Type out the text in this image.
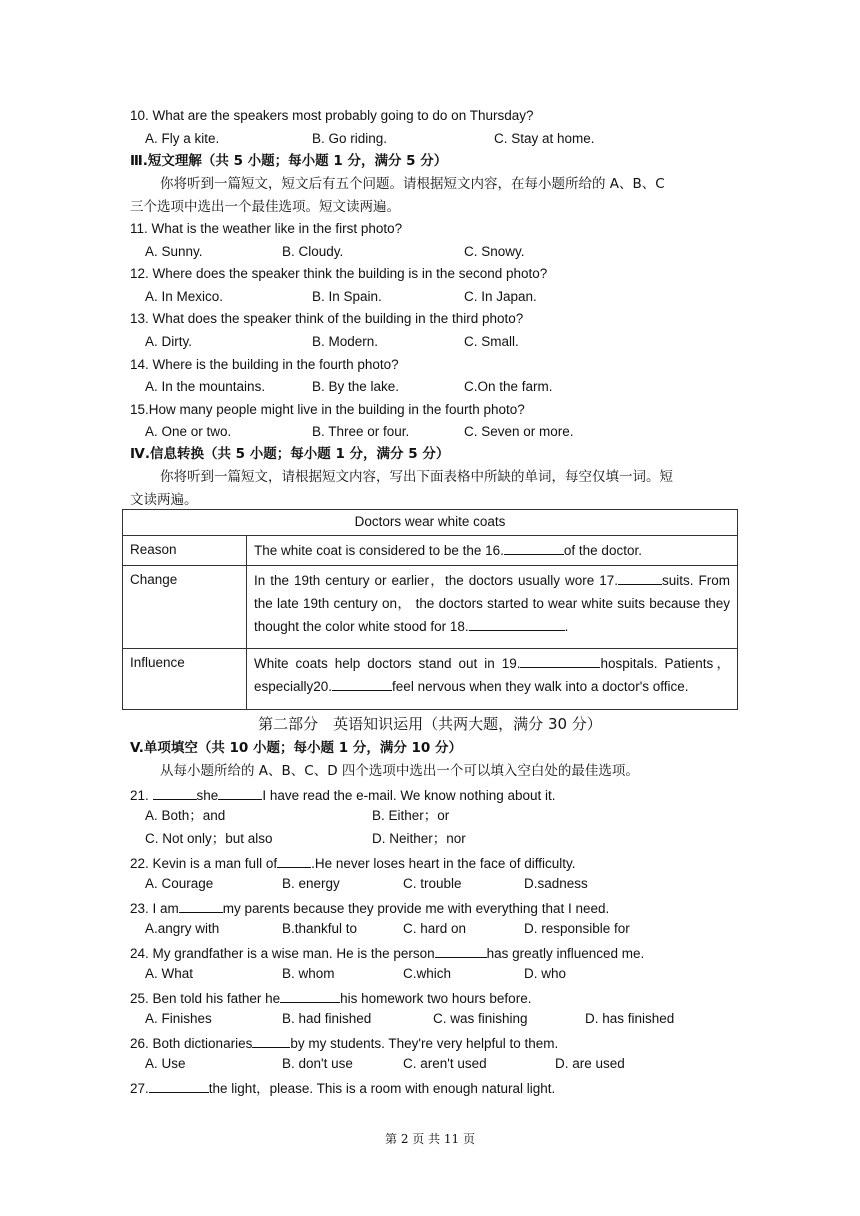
10. What are the speakers most probably going to do on Thursday?
A. Fly a kite.	B. Go riding.	C. Stay at home.
Ⅲ.短文理解（共 5 小题；每小题 1 分，满分 5 分）
你将听到一篇短文，短文后有五个问题。请根据短文内容，在每小题所给的 A、B、C
三个选项中选出一个最佳选项。短文读两遍。
11. What is the weather like in the first photo?
A. Sunny.	B. Cloudy.	C. Snowy.
12. Where does the speaker think the building is in the second photo?
A. In Mexico.	B. In Spain.	C. In Japan.
13. What does the speaker think of the building in the third photo?
A. Dirty.	B. Modern.	C. Small.
14. Where is the building in the fourth photo?
A. In the mountains.	B. By the lake.	C.On the farm.
15.How many people might live in the building in the fourth photo?
A. One or two.	B. Three or four.	C. Seven or more.
Ⅳ.信息转换（共 5 小题；每小题 1 分，满分 5 分）
你将听到一篇短文，请根据短文内容，写出下面表格中所缺的单词，每空仅填一词。短
文读两遍。
Doctors wear white coats	
Reason	The white coat is considered to be the 16. of the doctor.
Change	In the 19th century or earlier，the doctors usually wore 17. suits. From the late 19th century on， the doctors started to wear white suits because they thought the color white stood for 18. .
Influence	White coats help doctors stand out in 19. hospitals. Patients，especially20. feel nervous when they walk into a doctor's office.
第二部分　英语知识运用（共两大题，满分 30 分）
V.单项填空（共 10 小题；每小题 1 分，满分 10 分）
从每小题所给的 A、B、C、D 四个选项中选出一个可以填入空白处的最佳选项。
21.	she	I have read the e-mail. We know nothing about it.
A. Both；and	B. Either；or
C. Not only；but also	D. Neither；nor
22. Kevin is a man full of	.He never loses heart in the face of difficulty.
A. Courage	B. energy	C. trouble	D.sadness
23. I am	my parents because they provide me with everything that I need.
A.angry with	B.thankful to	C. hard on	D. responsible for
24. My grandfather is a wise man. He is the person	has greatly influenced me.
A. What	B. whom	C.which	D. who
25. Ben told his father he	his homework two hours before.
A. Finishes	B. had finished	C. was finishing	D. has finished
26. Both dictionaries	by my students. They're very helpful to them.
A. Use	B. don't use	C. aren't used	D. are used
27.	the light，please. This is a room with enough natural light.
第 2 页 共 11 页
